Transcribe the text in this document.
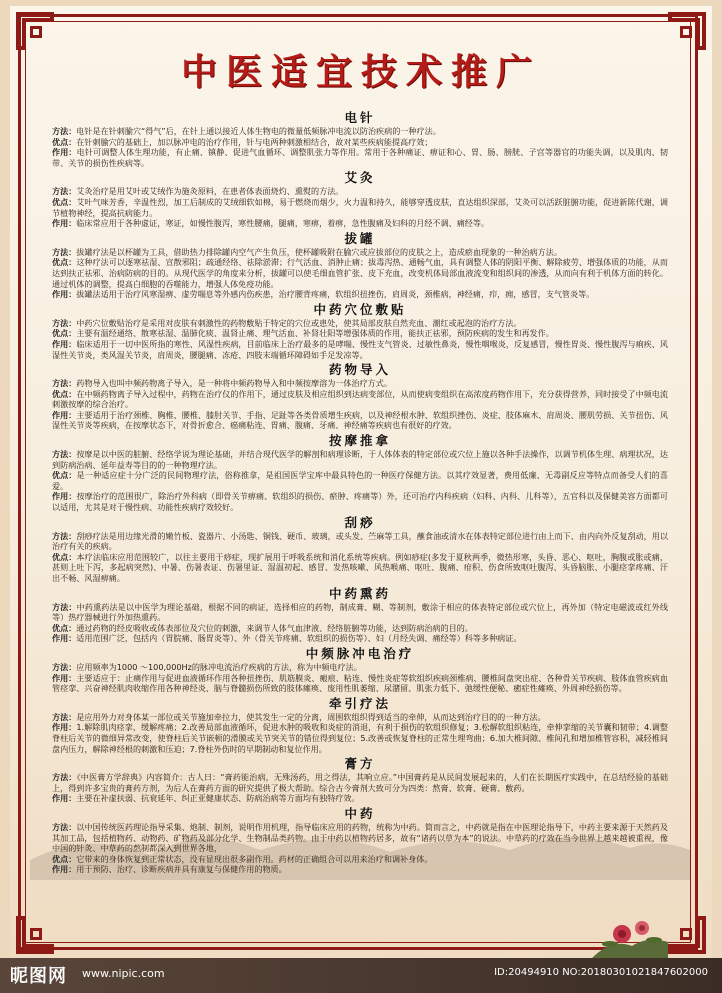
中医适宜技术推广
电针

方法：电针是在针刺腧穴“得气”后，在针上通以接近人体生物电的微量低频脉冲电流以防治疾病的一种疗法。

优点：在针刺腧穴的基础上，加以脉冲电的治疗作用，针与电两种刺激相结合，故对某些疾病能提高疗效；

作用：电针可调整人体生理功能，有止痛、镇静、促进气血循环、调整肌张力等作用。常用于各种痛证、痹证和心、胃、肠、膀胱、子宫等器官的功能失调，以及肌肉、韧带、关节的损伤性疾病等。

艾灸

方法：艾灸治疗是用艾叶或艾绒作为施灸原料，在患者体表面烧灼、熏熨的方法。

优点：艾叶气味芳香，辛温性烈，加工后制成的艾绒细软如棉，易于燃烧而烟少，火力温和持久，能够穿透皮肤，直达组织深部，艾灸可以活跃脏腑功能，促进新陈代谢，调节植物神经，提高抗病能力。

作用：临床常应用于各种虚证，寒证，如慢性腹泻，寒性腰痛，腿痛，寒痹，着痹，急性腹痛及妇科的月经不调、痛经等。

拔罐

方法：拔罐疗法是以杯罐为工具，借助热力排除罐内空气产生负压，使杯罐吸附在腧穴或应拔部位的皮肤之上，造成瘀血现象的一种治病方法。

优点：这种疗法可以逐寒祛湿、宣散邪阻；疏通经络、祛除淤滞；行气活血、消肿止痛；拔毒泻热、通畅气血，具有调整人体的阴阳平衡、解除疲劳、增强体质的功能，从而达到扶正祛邪、治病防病的目的。从现代医学的角度来分析，拔罐可以使毛细血管扩张、皮下充血，改变机体局部血液流变和组织间的渗透，从而向有利于机体方面的转化。通过机体的调整，提高白细胞的吞噬能力，增强人体免疫功能。

作用：拔罐法适用于治疗风寒湿痹、虚劳喘息等外感内伤疾患，治疗腰背疼痛，软组织扭挫伤，肩周炎，颈椎病，神经痛，疖，痈，感冒，支气管炎等。

中药穴位敷贴

方法：中药穴位敷贴治疗是采用对皮肤有刺激性的药物敷贴于特定的穴位或患处，使其局部皮肤自然充血、潮红或起泡的治疗方法。

优点：主要有温经通络、散寒祛湿、温肺化痰、温肾止痛、理气活血、补肾壮阳等增强体质的作用，能扶正祛邪，预防疾病的发生和再发作。

作用：临床适用于一切中医所指的寒性、风湿性疾病，目前临床上治疗最多的是哮喘、慢性支气管炎、过敏性鼻炎，慢性咽喉炎，反复感冒，慢性胃炎、慢性腹泻与痢疾、风湿性关节炎，类风湿关节炎，肩周炎，腰腿痛、冻疮、四肢末端循环障碍如手足发凉等。

药物导入

方法：药物导入也叫中频药物离子导入，是一种将中频药物导入和中频按摩溶为一体治疗方式。

优点：在中频药物离子导入过程中，药物在治疗仪的作用下，通过皮肤及相应组织到达病变部位，从而使病变组织在高浓度药物作用下，充分获得营养，同时接受了中频电流刺激按摩的综合治疗。

作用：主要适用于治疗颈椎、胸椎、腰椎、膝肘关节、手指、足趾等各类骨质增生疾病，以及神经根水肿、软组织挫伤、炎症、肢体麻木、肩周炎、腰肌劳损、关节扭伤、风湿性关节炎等疾病，在按摩状态下，对骨折愈合、癌痛粘连、胃痛、腹痛、牙痛、神经痛等疾病也有很好的疗效。

按摩推拿

方法：按摩是以中医的脏腑、经络学说为理论基础，并结合现代医学的解剖和病理诊断，于人体体表的特定部位或穴位上施以各种手法操作，以调节机体生理、病理状况，达到防病治病、延年益寿等目的的一种物理疗法。

优点：是一种适应症十分广泛的民间物理疗法，俗称推拿，是祖国医学宝库中最具特色的一种医疗保健方法。以其疗效显著，费用低廉、无毒副反应等特点而备受人们的喜爱。

作用：按摩治疗的范围很广，除治疗外科病（即骨关节痹痛、软组织的损伤、瘀肿、疼痛等）外，还可治疗内科疾病（妇科、内科、儿科等），五官科以及保健美容方面都可以适用，尤其是对于慢性病、功能性疾病疗效较好。

刮痧

方法：刮痧疗法是用边缘光滑的嫩竹板、瓷器片、小汤匙、铜钱、硬币、玻璃，或头发、苎麻等工具，蘸食油或清水在体表特定部位进行由上而下、由内向外反复刮动，用以治疗有关的疾病。

优点：本疗法临床应用范围较广，以往主要用于痧症，现扩展用于呼吸系统和消化系统等疾病。例如痧症(多发于夏秋两季，微热形寒，头昏、恶心、呕吐，胸腹或胀或痛，甚则上吐下泻，多起病突然)、中暑、伤暑表证、伤暑里证、湿温初起、感冒、发热咳嗽、风热喉痛、呕吐、腹痛、疳积、伤食所致呕吐腹泻、头昏脑胀、小腿痉挛疼痛、汗出不畅、风湿痹痛。

中药熏药

方法：中药熏药法是以中医学为理论基础，根据不同的病证，选择相应的药物，制成膏、糊、等制剂，敷涂于相应的体表特定部位或穴位上，再外加（特定电磁波或红外线等）热疗器械进行外加热熏药。

优点：通过药物的经皮吸收或体表部位及穴位的刺激，来调节人体气血津液、经络脏腑等功能，达到防病治病的目的。

作用：适用范围广泛，包括内（胃脘痛、肠胃炎等）、外（骨关节疼痛、软组织的损伤等）、妇（月经失调、痛经等）科等多种病证。

中频脉冲电治疗

方法：应用频率为1000 ～100,000Hz的脉冲电流治疗疾病的方法，称为中频电疗法。

作用：主要适应于：止痛作用与促进血液循环作用各种扭挫伤、肌筋膜炎、瘢痕、粘连、慢性炎症等软组织疾病颈椎病、腰椎间盘突出症、各种骨关节疾病、肢体血管疾病血管痉挛、兴奋神经肌肉收缩作用各种神经炎、脑与脊髓损伤所致的肢体瘫痪、废用性肌萎缩、尿潴留、肌张力低下、弛缓性便秘、癒症性瘫痪、外周神经损伤等。

牵引疗法

方法：是应用外力对身体某一部位或关节施加牵拉力，使其发生一定的分离，周围软组织得到适当的牵伸，从而达到治疗目的的一种方法。

作用：1.解除肌肉痉挛，缓解疼痛；2.改善局部血液循环，促进水肿的吸收和炎症的消退，有利于损伤的软组织修复；3.松解软组织粘连，牵伸挛缩的关节囊和韧带；4.调整脊柱后关节的微细异常改变，使脊柱后关节嵌顿的滑膜或关节突关节的错位得到复位；5.改善或恢复脊柱的正常生理弯曲；6.加大椎间隙、椎间孔和增加椎管容积，减轻椎间盘内压力，解除神经根的刺激和压迫；7.脊柱外伤时的早期制动和复位作用。

膏方

方法：《中医膏方学辞典》内容简介：古人曰：“膏药能治病，无殊汤药，用之得法，其响立应。”中国膏药是从民间发展起来的，人们在长期医疗实践中，在总结经验的基础上，得到许多宝贵的膏药方剂，为后人在膏药方面的研究提供了极大帮助。综合古今膏剂大致可分为四类：熬膏、软膏、硬膏、敷药。

作用：主要在补虚扶弱、抗衰延年、纠正亚健康状态、防病治病等方面均有独特疗效。

中药

方法：以中国传统医药理论指导采集、炮制、制剂，说明作用机理，指导临床应用的药物，统称为中药。简而言之，中药就是指在中医理论指导下，中药主要来源于天然药及其加工品，包括植物药、动物药、矿物药及部分化学、生物制品类药物。由于中药以植物药居多，故有“诸药以草为本”的说法。中草药的疗效在当今世界上越来越被重视，像中国的针灸、中草药的熬制都深入到世界各地，

优点：它带来的身体恢复到正常状态，没有显现出很多副作用。药材的正确组合可以用来治疗和调补身体。

作用：用于预防、治疗、诊断疾病并具有康复与保健作用的物质。

昵图网 www.nipic.com	ID:20494910 NO:20180301021847602000
